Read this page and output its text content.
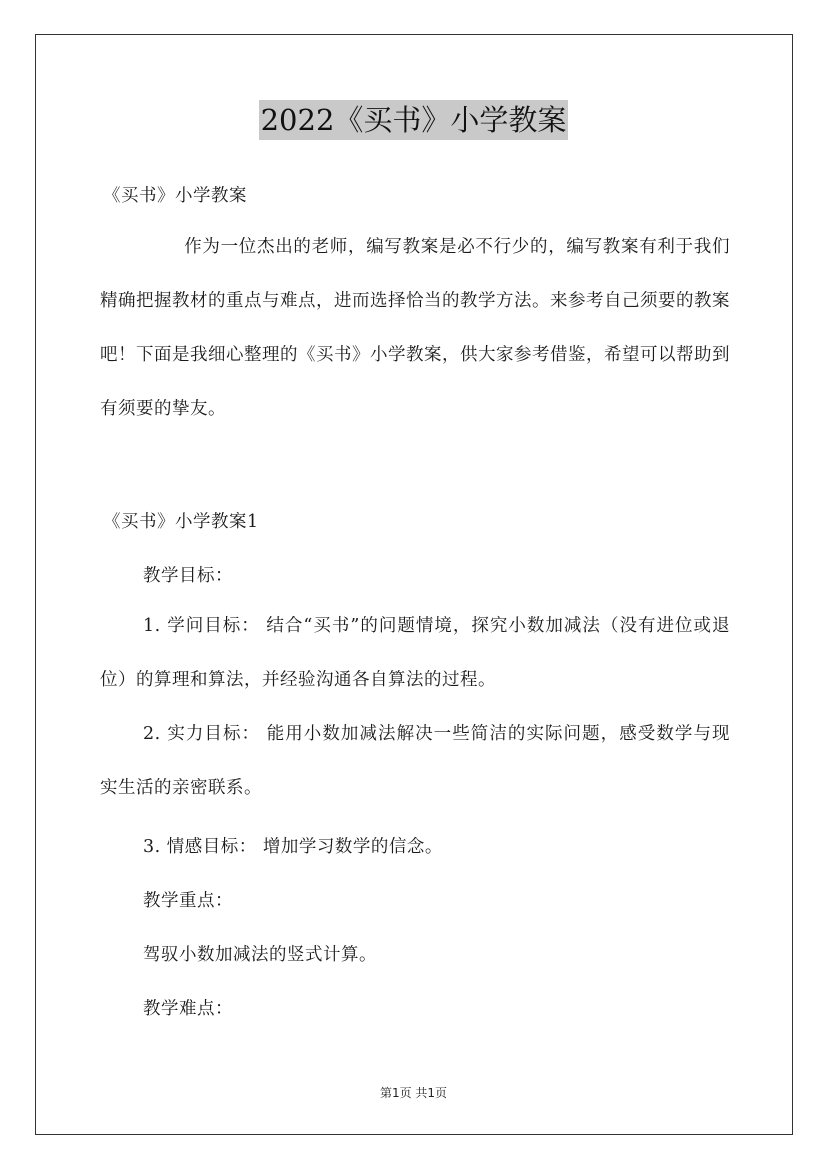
2022《买书》小学教案
《买书》小学教案
作为一位杰出的老师，编写教案是必不行少的，编写教案有利于我们精确把握教材的重点与难点，进而选择恰当的教学方法。来参考自己须要的教案吧！下面是我细心整理的《买书》小学教案，供大家参考借鉴，希望可以帮助到有须要的挚友。
《买书》小学教案1
教学目标：
1. 学问目标： 结合“买书”的问题情境，探究小数加减法（没有进位或退位）的算理和算法，并经验沟通各自算法的过程。
2. 实力目标： 能用小数加减法解决一些简洁的实际问题，感受数学与现实生活的亲密联系。
3. 情感目标： 增加学习数学的信念。
教学重点：
驾驭小数加减法的竖式计算。
教学难点：
第1页 共1页
